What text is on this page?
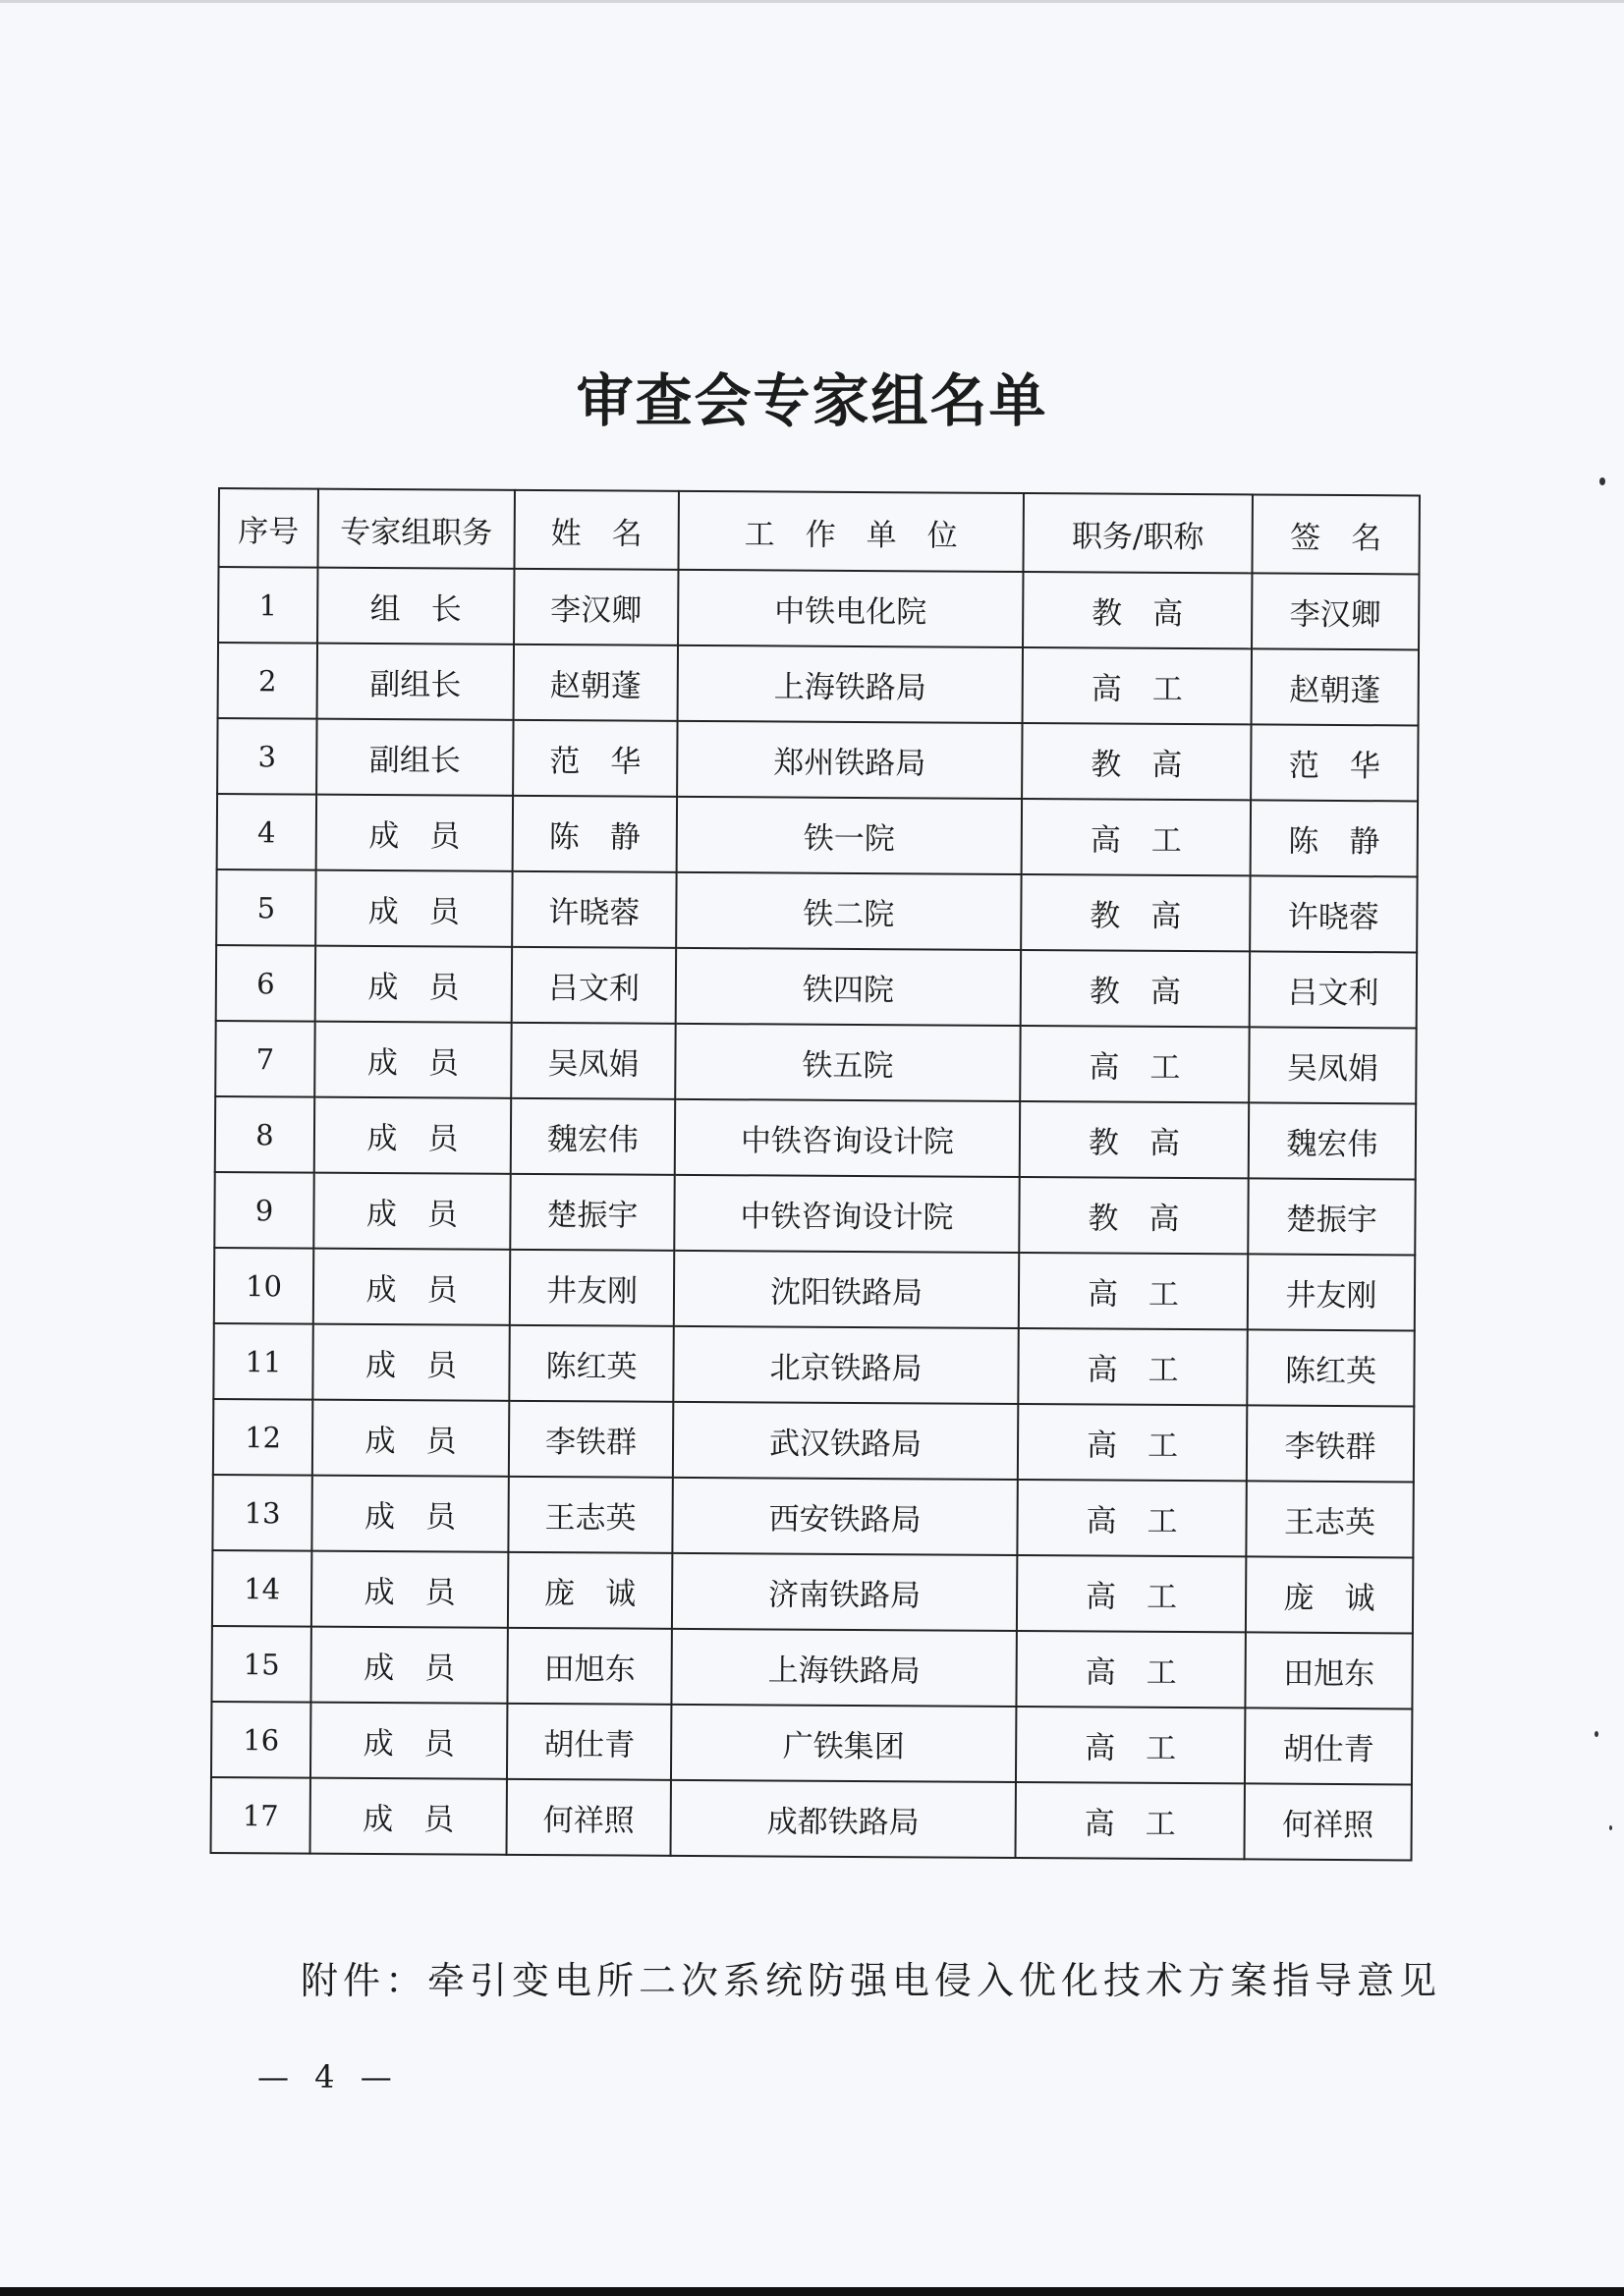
审查会专家组名单
序号	专家组职务	姓　名	工　作　单　位	职务/职称	签　名
1	组　长	李汉卿	中铁电化院	教　高	李汉卿
2	副组长	赵朝蓬	上海铁路局	高　工	赵朝蓬
3	副组长	范　华	郑州铁路局	教　高	范　华
4	成　员	陈　静	铁一院	高　工	陈　静
5	成　员	许晓蓉	铁二院	教　高	许晓蓉
6	成　员	吕文利	铁四院	教　高	吕文利
7	成　员	吴凤娟	铁五院	高　工	吴凤娟
8	成　员	魏宏伟	中铁咨询设计院	教　高	魏宏伟
9	成　员	楚振宇	中铁咨询设计院	教　高	楚振宇
10	成　员	井友刚	沈阳铁路局	高　工	井友刚
11	成　员	陈红英	北京铁路局	高　工	陈红英
12	成　员	李铁群	武汉铁路局	高　工	李铁群
13	成　员	王志英	西安铁路局	高　工	王志英
14	成　员	庞　诚	济南铁路局	高　工	庞　诚
15	成　员	田旭东	上海铁路局	高　工	田旭东
16	成　员	胡仕青	广铁集团	高　工	胡仕青
17	成　员	何祥照	成都铁路局	高　工	何祥照

附件：牵引变电所二次系统防强电侵入优化技术方案指导意见

— 4 —
